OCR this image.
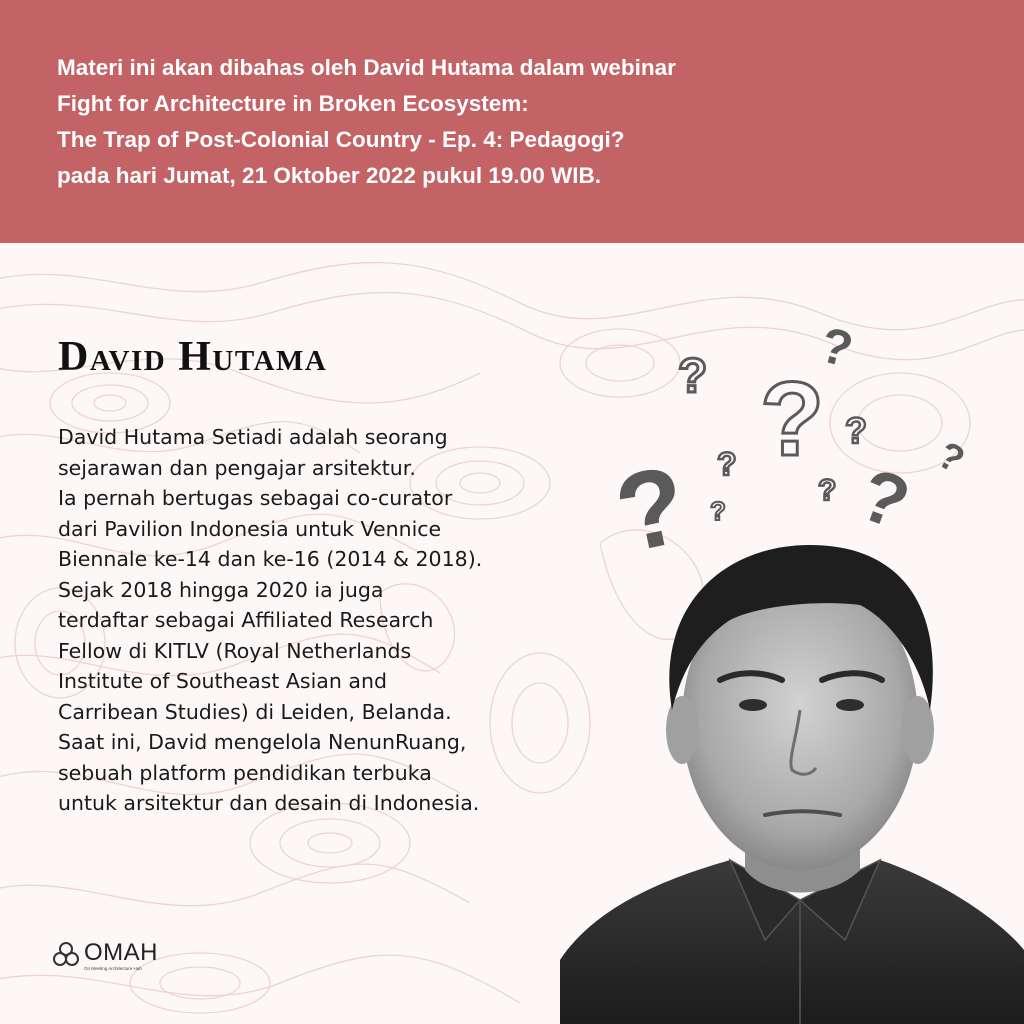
Materi ini akan dibahas oleh David Hutama dalam webinar
Fight for Architecture in Broken Ecosystem:
The Trap of Post-Colonial Country - Ep. 4: Pedagogi?
pada hari Jumat, 21 Oktober 2022 pukul 19.00 WIB.
David Hutama
David Hutama Setiadi adalah seorang
sejarawan dan pengajar arsitektur.
Ia pernah bertugas sebagai co-curator
dari Pavilion Indonesia untuk Vennice
Biennale ke-14 dan ke-16 (2014 & 2018).
Sejak 2018 hingga 2020 ia juga
terdaftar sebagai Affiliated Research
Fellow di KITLV (Royal Netherlands
Institute of Southeast Asian and
Carribean Studies) di Leiden, Belanda.
Saat ini, David mengelola NenunRuang,
sebuah platform pendidikan terbuka
untuk arsitektur dan desain di Indonesia.
?
?
? ?
?
?
?
? ? ?
OMAH
On Meeting Architecture Hub
